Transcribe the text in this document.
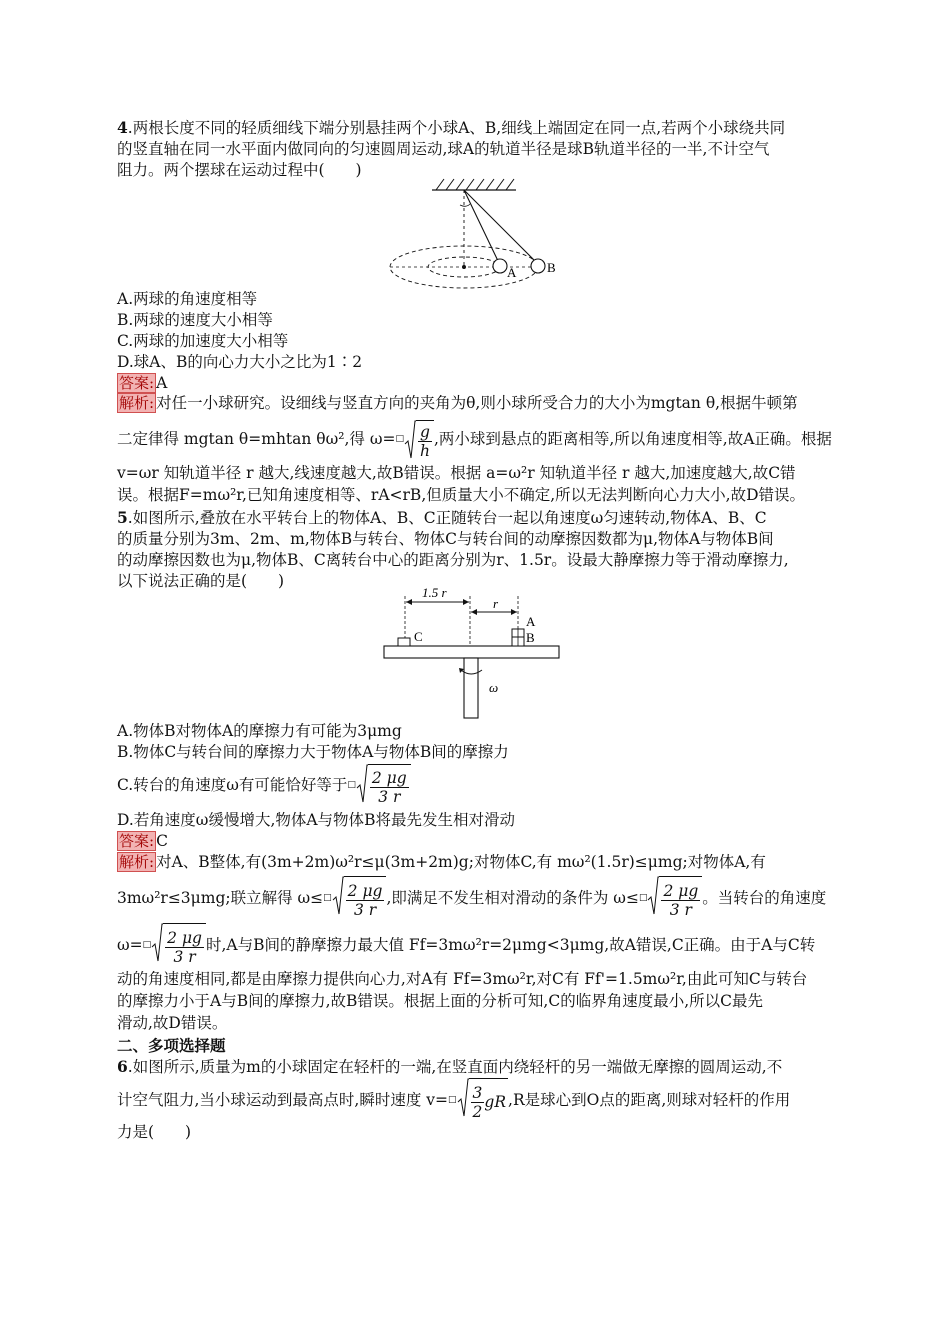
4.两根长度不同的轻质细线下端分别悬挂两个小球A、B,细线上端固定在同一点,若两个小球绕共同
的竖直轴在同一水平面内做同向的匀速圆周运动,球A的轨道半径是球B轨道半径的一半,不计空气
阻力。两个摆球在运动过程中(　　)
A B
A.两球的角速度相等
B.两球的速度大小相等
C.两球的加速度大小相等
D.球A、B的向心力大小之比为1∶2
答案: A
解析: 对任一小球研究。设细线与竖直方向的夹角为θ,则小球所受合力的大小为mgtan θ,根据牛顿第
二定律得 mgtan θ=mhtan θω²,得 $\omega=^□ \frac{g}{h}$ ,两小球到悬点的距离相等,所以角速度相等,故A正确。根据
v=ωr 知轨道半径 r 越大,线速度越大,故B错误。根据 a=ω²r 知轨道半径 r 越大,加速度越大,故C错
误。根据F=mω²r,已知角速度相等、rA<rB,但质量大小不确定,所以无法判断向心力大小,故D错误。
5.如图所示,叠放在水平转台上的物体A、B、C正随转台一起以角速度ω匀速转动,物体A、B、C
的质量分别为3m、2m、m,物体B与转台、物体C与转台间的动摩擦因数都为μ,物体A与物体B间
的动摩擦因数也为μ,物体B、C离转台中心的距离分别为r、1.5r。设最大静摩擦力等于滑动摩擦力,
以下说法正确的是(　　)
1.5 r
r
C
A
B
ω
A.物体B对物体A的摩擦力有可能为3μmg
B.物体C与转台间的摩擦力大于物体A与物体B间的摩擦力
C.转台的角速度ω有可能恰好等于$^□ \frac{2 \mu g}{3 r}$
D.若角速度ω缓慢增大,物体A与物体B将最先发生相对滑动
答案: C
解析: 对A、B整体,有(3m+2m)ω²r≤μ(3m+2m)g;对物体C,有 mω²(1.5r)≤μmg;对物体A,有
3mω²r≤3μmg;联立解得 $\omega\le^□ \frac{2 \mu g}{3 r}$ ,即满足不发生相对滑动的条件为 $\omega\le^□ \frac{2 \mu g}{3 r}$ 。当转台的角速度
$\omega=^□ \frac{2 \mu g}{3 r}$ 时,A与B间的静摩擦力最大值 Ff=3mω²r=2μmg<3μmg,故A错误,C正确。由于A与C转
动的角速度相同,都是由摩擦力提供向心力,对A有 Ff=3mω²r,对C有 Ff'=1.5mω²r,由此可知C与转台
的摩擦力小于A与B间的摩擦力,故B错误。根据上面的分析可知,C的临界角速度最小,所以C最先
滑动,故D错误。
二、多项选择题
6.如图所示,质量为m的小球固定在轻杆的一端,在竖直面内绕轻杆的另一端做无摩擦的圆周运动,不
计空气阻力,当小球运动到最高点时,瞬时速度 $v=^□ \frac{3}{2}$ gR ,R是球心到O点的距离,则球对轻杆的作用
力是(　　)
